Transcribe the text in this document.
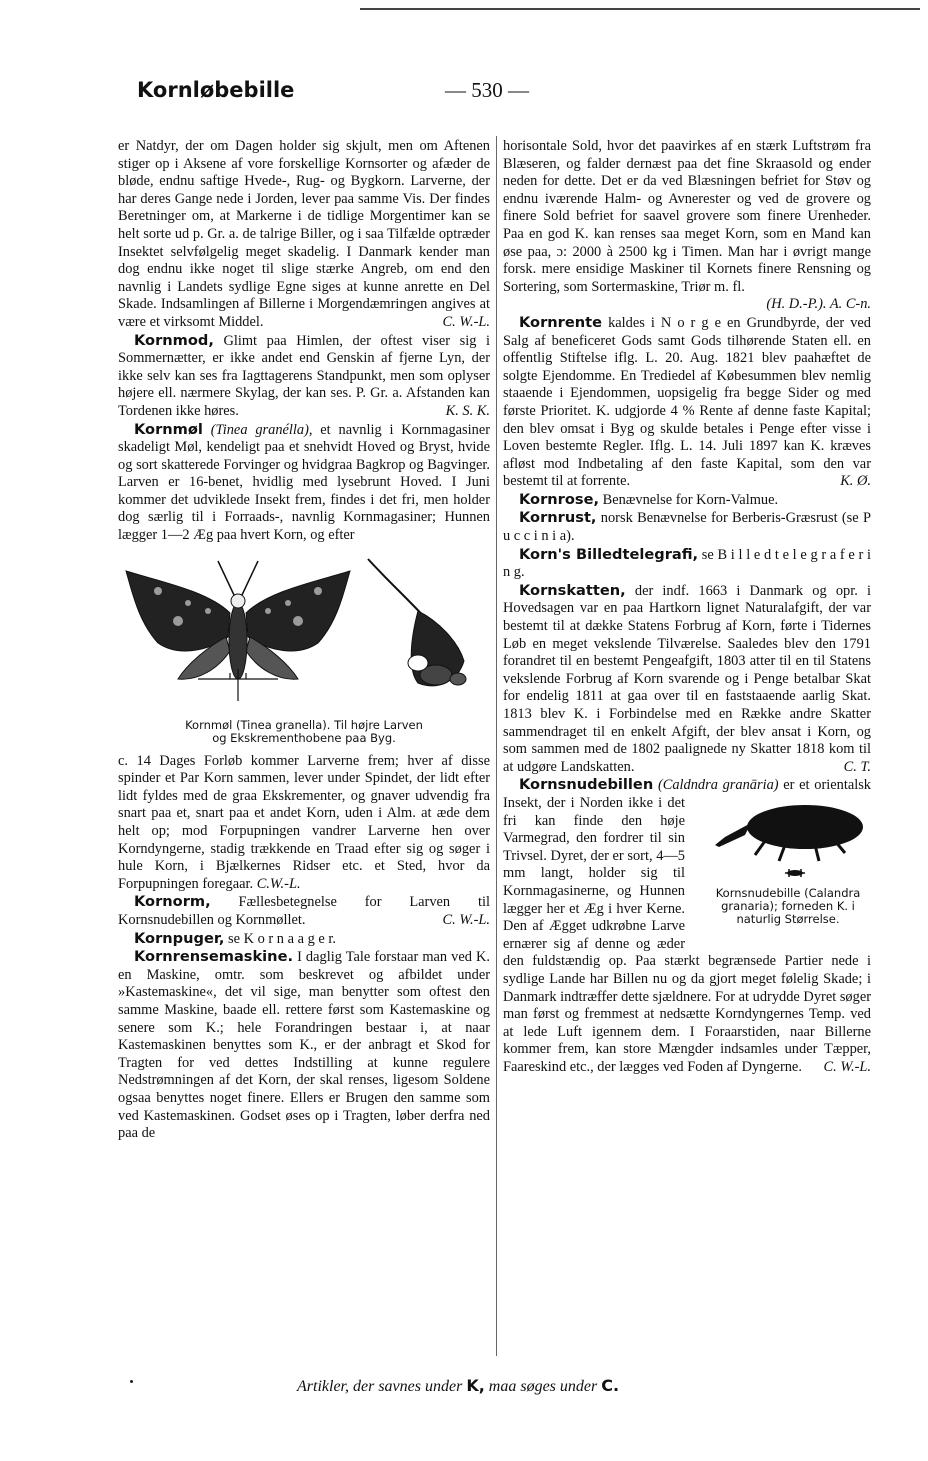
Kornløbebille	— 530 —

er Natdyr, der om Dagen holder sig skjult, men om Aftenen stiger op i Aksene af vore forskellige Kornsorter og afæder de bløde, endnu saftige Hvede-, Rug- og Bygkorn. Larverne, der har deres Gange nede i Jorden, lever paa samme Vis. Der findes Beretninger om, at Markerne i de tidlige Morgentimer kan se helt sorte ud p. Gr. a. de talrige Biller, og i saa Tilfælde optræder Insektet selvfølgelig meget skadelig. I Danmark kender man dog endnu ikke noget til slige stærke Angreb, om end den navnlig i Landets sydlige Egne siges at kunne anrette en Del Skade. Indsamlingen af Billerne i Morgendæmringen angives at være et virksomt Middel.	C. W.-L.

Kornmod, Glimt paa Himlen, der oftest viser sig i Sommernætter, er ikke andet end Genskin af fjerne Lyn, der ikke selv kan ses fra Iagttagerens Standpunkt, men som oplyser højere ell. nærmere Skylag, der kan ses. P. Gr. a. Afstanden kan Tordenen ikke høres.	K. S. K.

Kornmøl (Tinea granélla), et navnlig i Kornmagasiner skadeligt Møl, kendeligt paa et snehvidt Hoved og Bryst, hvide og sort skatterede Forvinger og hvidgraa Bagkrop og Bagvinger. Larven er 16-benet, hvidlig med lysebrunt Hoved. I Juni kommer det udviklede Insekt frem, findes i det fri, men holder dog særlig til i Forraads-, navnlig Kornmagasiner; Hunnen lægger 1—2 Æg paa hvert Korn, og efter

Kornmøl (Tinea granella). Til højre Larven
og Ekskrementhobene paa Byg.

c. 14 Dages Forløb kommer Larverne frem; hver af disse spinder et Par Korn sammen, lever under Spindet, der lidt efter lidt fyldes med de graa Ekskrementer, og gnaver udvendig fra snart paa et, snart paa et andet Korn, uden i Alm. at æde dem helt op; mod Forpupningen vandrer Larverne hen over Korndyngerne, stadig trækkende en Traad efter sig og søger i hule Korn, i Bjælkernes Ridser etc. et Sted, hvor da Forpupningen foregaar. C.W.-L.

Kornorm, Fællesbetegnelse for Larven til Kornsnudebillen og Kornmøllet.	C. W.-L.

Kornpuger, se K o r n a a g e r.

Kornrensemaskine. I daglig Tale forstaar man ved K. en Maskine, omtr. som beskrevet og afbildet under »Kastemaskine«, det vil sige, man benytter som oftest den samme Maskine, baade ell. rettere først som Kastemaskine og senere som K.; hele Forandringen bestaar i, at naar Kastemaskinen benyttes som K., er der anbragt et Skod for Tragten for ved dettes Indstilling at kunne regulere Nedstrømningen af det Korn, der skal renses, ligesom Soldene ogsaa benyttes noget finere. Ellers er Brugen den samme som ved Kastemaskinen. Godset øses op i Tragten, løber derfra ned paa de

horisontale Sold, hvor det paavirkes af en stærk Luftstrøm fra Blæseren, og falder dernæst paa det fine Skraasold og ender neden for dette. Det er da ved Blæsningen befriet for Støv og endnu iværende Halm- og Avnerester og ved de grovere og finere Sold befriet for saavel grovere som finere Urenheder. Paa en god K. kan renses saa meget Korn, som en Mand kan øse paa, ɔ: 2000 à 2500 kg i Timen. Man har i øvrigt mange forsk. mere ensidige Maskiner til Kornets finere Rensning og Sortering, som Sortermaskine, Triør m. fl.

(H. D.-P.). A. C-n.

Kornrente kaldes i N o r g e en Grundbyrde, der ved Salg af beneficeret Gods samt Gods tilhørende Staten ell. en offentlig Stiftelse iflg. L. 20. Aug. 1821 blev paahæftet de solgte Ejendomme. En Trediedel af Købesummen blev nemlig staaende i Ejendommen, uopsigelig fra begge Sider og med første Prioritet. K. udgjorde 4 % Rente af denne faste Kapital; den blev omsat i Byg og skulde betales i Penge efter visse i Loven bestemte Regler. Iflg. L. 14. Juli 1897 kan K. kræves afløst mod Indbetaling af den faste Kapital, som den var bestemt til at forrente.	K. Ø.

Kornrose, Benævnelse for Korn-Valmue.

Kornrust, norsk Benævnelse for Berberis-Græsrust (se P u c c i n i a).

Korn's Billedtelegrafi, se B i l l e d t e l e g r a f e r i n g.

Kornskatten, der indf. 1663 i Danmark og opr. i Hovedsagen var en paa Hartkorn lignet Naturalafgift, der var bestemt til at dække Statens Forbrug af Korn, førte i Tidernes Løb en meget vekslende Tilværelse. Saaledes blev den 1791 forandret til en bestemt Pengeafgift, 1803 atter til en til Statens vekslende Forbrug af Korn svarende og i Penge betalbar Skat for endelig 1811 at gaa over til en faststaaende aarlig Skat. 1813 blev K. i Forbindelse med en Række andre Skatter sammendraget til en enkelt Afgift, der blev ansat i Korn, og som sammen med de 1802 paalignede ny Skatter 1818 kom til at udgøre Landskatten.	C. T.

Kornsnudebillen (Caldndra granāria)
Kornsnudebille (Calandra
granaria); forneden K. i
naturlig Størrelse.
er et orientalsk Insekt, der i Norden ikke i det fri kan finde den høje Varmegrad, den fordrer til sin Trivsel. Dyret, der er sort, 4—5 mm langt, holder sig til Kornmagasinerne, og Hunnen lægger her et Æg i hver Kerne. Den af Ægget udkrøbne Larve ernærer sig af denne og æder den fuldstændig op. Paa stærkt begrænsede Partier nede i sydlige Lande har Billen nu og da gjort meget følelig Skade; i Danmark indtræffer dette sjældnere. For at udrydde Dyret søger man først og fremmest at nedsætte Korndyngernes Temp. ved at lede Luft igennem dem. I Foraarstiden, naar Billerne kommer frem, kan store Mængder indsamles under Tæpper, Faareskind etc., der lægges ved Foden af Dyngerne.	C. W.-L.

Artikler, der savnes under K, maa søges under C.
